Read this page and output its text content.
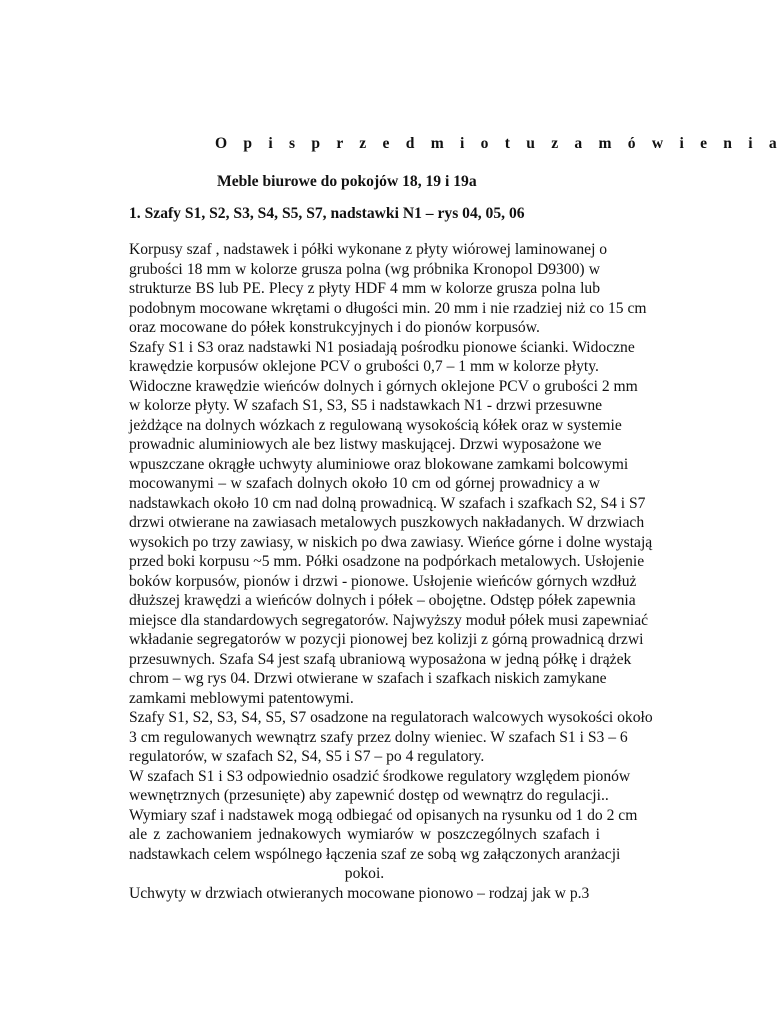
O p i s p r z e d m i o t u z a m ó w i e n i a
Meble biurowe do pokojów 18, 19 i 19a
1. Szafy S1, S2, S3, S4, S5, S7, nadstawki N1 – rys 04, 05, 06
Korpusy szaf , nadstawek i półki wykonane z płyty wiórowej laminowanej o
grubości 18 mm w kolorze grusza polna (wg próbnika Kronopol D9300) w
strukturze BS lub PE. Plecy z płyty HDF 4 mm w kolorze grusza polna lub
podobnym mocowane wkrętami o długości min. 20 mm i nie rzadziej niż co 15 cm
oraz mocowane do półek konstrukcyjnych i do pionów korpusów.
Szafy S1 i S3 oraz nadstawki N1 posiadają pośrodku pionowe ścianki. Widoczne
krawędzie korpusów oklejone PCV o grubości 0,7 – 1 mm w kolorze płyty.
Widoczne krawędzie wieńców dolnych i górnych oklejone PCV o grubości 2 mm
w kolorze płyty. W szafach S1, S3, S5 i nadstawkach N1 - drzwi przesuwne
jeżdżące na dolnych wózkach z regulowaną wysokością kółek oraz w systemie
prowadnic aluminiowych ale bez listwy maskującej. Drzwi wyposażone we
wpuszczane okrągłe uchwyty aluminiowe oraz blokowane zamkami bolcowymi
mocowanymi – w szafach dolnych około 10 cm od górnej prowadnicy a w
nadstawkach około 10 cm nad dolną prowadnicą. W szafach i szafkach S2, S4 i S7
drzwi otwierane na zawiasach metalowych puszkowych nakładanych. W drzwiach
wysokich po trzy zawiasy, w niskich po dwa zawiasy. Wieńce górne i dolne wystają
przed boki korpusu ~5 mm. Półki osadzone na podpórkach metalowych. Usłojenie
boków korpusów, pionów i drzwi - pionowe. Usłojenie wieńców górnych wzdłuż
dłuższej krawędzi a wieńców dolnych i półek – obojętne. Odstęp półek zapewnia
miejsce dla standardowych segregatorów. Najwyższy moduł półek musi zapewniać
wkładanie segregatorów w pozycji pionowej bez kolizji z górną prowadnicą drzwi
przesuwnych. Szafa S4 jest szafą ubraniową wyposażona w jedną półkę i drążek
chrom – wg rys 04. Drzwi otwierane w szafach i szafkach niskich zamykane
zamkami meblowymi patentowymi.
Szafy S1, S2, S3, S4, S5, S7 osadzone na regulatorach walcowych wysokości około
3 cm regulowanych wewnątrz szafy przez dolny wieniec. W szafach S1 i S3 – 6
regulatorów, w szafach S2, S4, S5 i S7 – po 4 regulatory.
W szafach S1 i S3 odpowiednio osadzić środkowe regulatory względem pionów
wewnętrznych (przesunięte) aby zapewnić dostęp od wewnątrz do regulacji..
Wymiary szaf i nadstawek mogą odbiegać od opisanych na rysunku od 1 do 2 cm
ale z zachowaniem jednakowych wymiarów w poszczególnych szafach i
nadstawkach celem wspólnego łączenia szaf ze sobą wg załączonych aranżacji
pokoi.
Uchwyty w drzwiach otwieranych mocowane pionowo – rodzaj jak w p.3
